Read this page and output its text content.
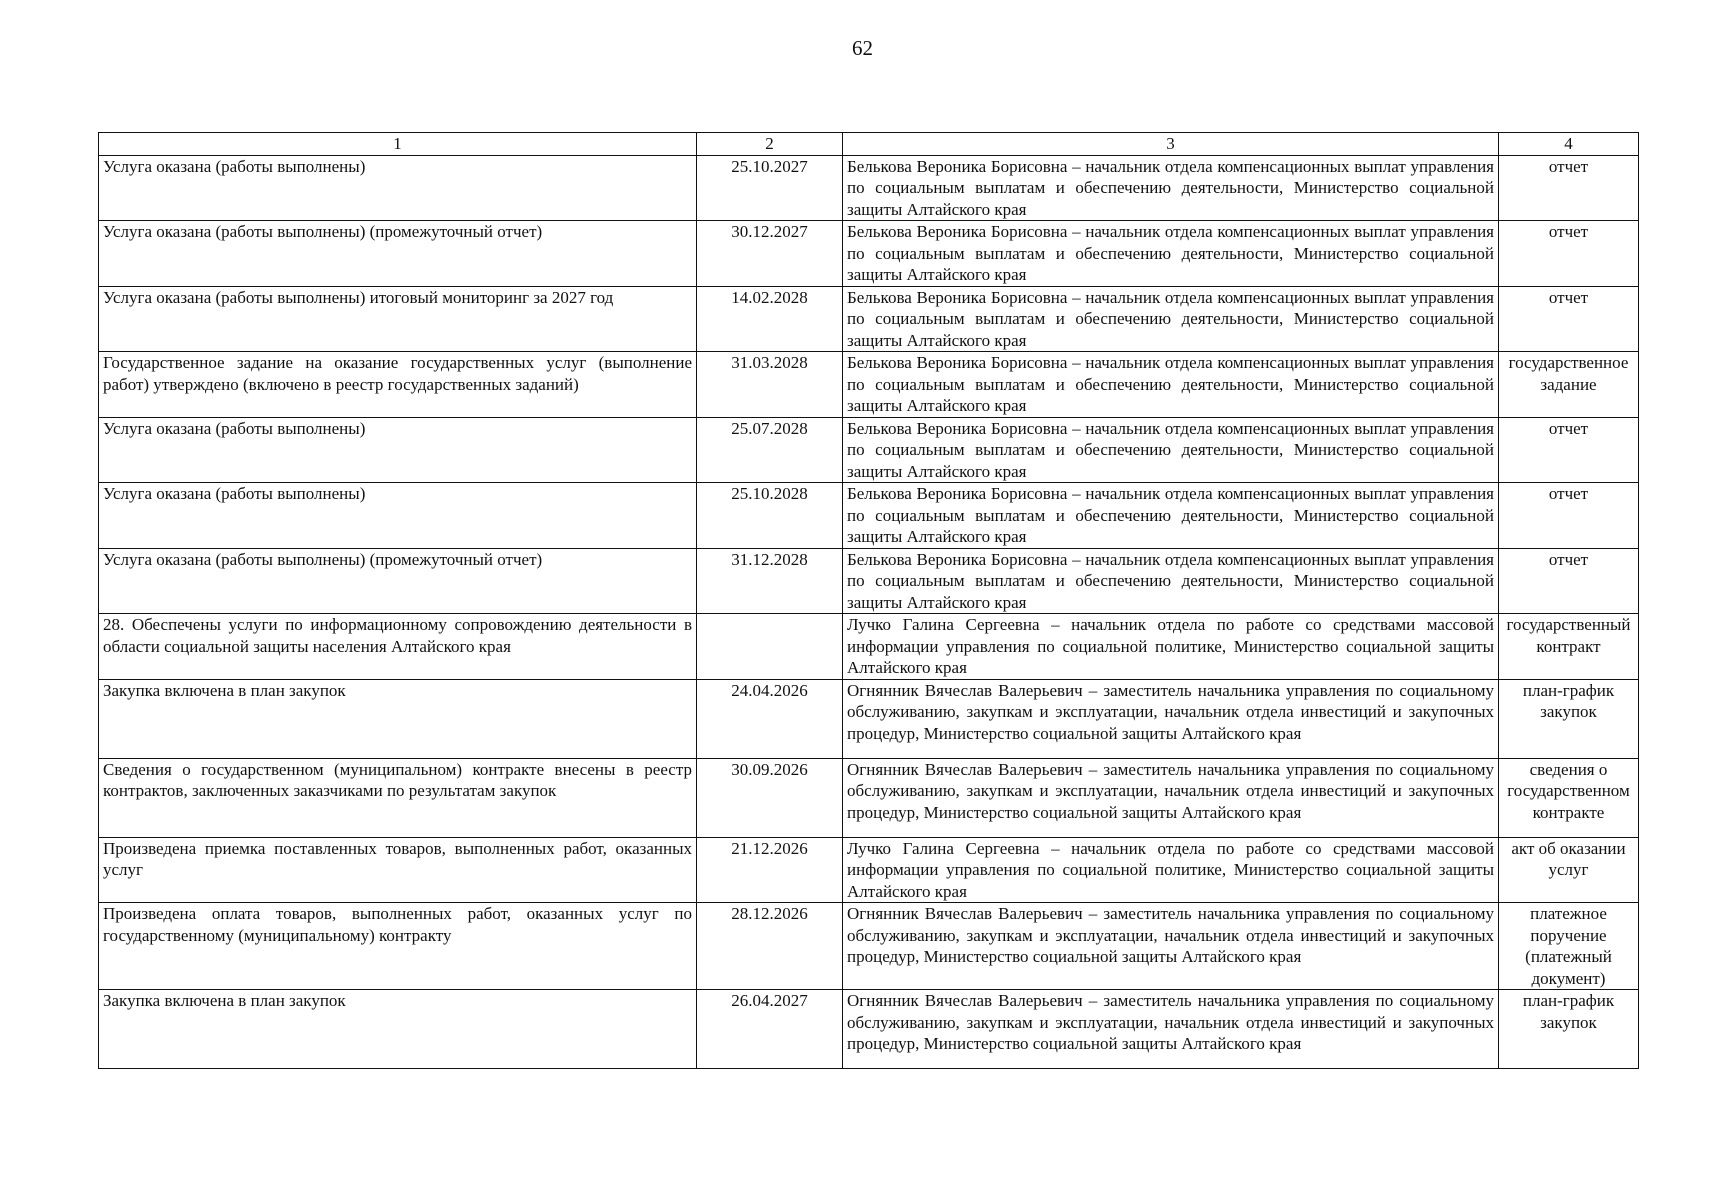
62
1	2	3	4
Услуга оказана (работы выполнены)	25.10.2027	Белькова Вероника Борисовна – начальник отдела компенсационных выплат управления по социальным выплатам и обеспечению деятельности, Министерство социальной защиты Алтайского края	отчет
Услуга оказана (работы выполнены) (промежуточный отчет)	30.12.2027	Белькова Вероника Борисовна – начальник отдела компенсационных выплат управления по социальным выплатам и обеспечению деятельности, Министерство социальной защиты Алтайского края	отчет
Услуга оказана (работы выполнены) итоговый мониторинг за 2027 год	14.02.2028	Белькова Вероника Борисовна – начальник отдела компенсационных выплат управления по социальным выплатам и обеспечению деятельности, Министерство социальной защиты Алтайского края	отчет
Государственное задание на оказание государственных услуг (выполнение работ) утверждено (включено в реестр государственных заданий)	31.03.2028	Белькова Вероника Борисовна – начальник отдела компенсационных выплат управления по социальным выплатам и обеспечению деятельности, Министерство социальной защиты Алтайского края	государственное задание
Услуга оказана (работы выполнены)	25.07.2028	Белькова Вероника Борисовна – начальник отдела компенсационных выплат управления по социальным выплатам и обеспечению деятельности, Министерство социальной защиты Алтайского края	отчет
Услуга оказана (работы выполнены)	25.10.2028	Белькова Вероника Борисовна – начальник отдела компенсационных выплат управления по социальным выплатам и обеспечению деятельности, Министерство социальной защиты Алтайского края	отчет
Услуга оказана (работы выполнены) (промежуточный отчет)	31.12.2028	Белькова Вероника Борисовна – начальник отдела компенсационных выплат управления по социальным выплатам и обеспечению деятельности, Министерство социальной защиты Алтайского края	отчет
28. Обеспечены услуги по информационному сопровождению деятельности в области социальной защиты населения Алтайского края		Лучко Галина Сергеевна – начальник отдела по работе со средствами массовой информации управления по социальной политике, Министерство социальной защиты Алтайского края	государственный контракт
Закупка включена в план закупок	24.04.2026	Огнянник Вячеслав Валерьевич – заместитель начальника управления по социальному обслуживанию, закупкам и эксплуатации, начальник отдела инвестиций и закупочных процедур, Министерство социальной защиты Алтайского края	план-график закупок
Сведения о государственном (муниципальном) контракте внесены в реестр контрактов, заключенных заказчиками по результатам закупок	30.09.2026	Огнянник Вячеслав Валерьевич – заместитель начальника управления по социальному обслуживанию, закупкам и эксплуатации, начальник отдела инвестиций и закупочных процедур, Министерство социальной защиты Алтайского края	сведения о государственном контракте
Произведена приемка поставленных товаров, выполненных работ, оказанных услуг	21.12.2026	Лучко Галина Сергеевна – начальник отдела по работе со средствами массовой информации управления по социальной политике, Министерство социальной защиты Алтайского края	акт об оказании услуг
Произведена оплата товаров, выполненных работ, оказанных услуг по государственному (муниципальному) контракту	28.12.2026	Огнянник Вячеслав Валерьевич – заместитель начальника управления по социальному обслуживанию, закупкам и эксплуатации, начальник отдела инвестиций и закупочных процедур, Министерство социальной защиты Алтайского края	платежное поручение (платежный документ)
Закупка включена в план закупок	26.04.2027	Огнянник Вячеслав Валерьевич – заместитель начальника управления по социальному обслуживанию, закупкам и эксплуатации, начальник отдела инвестиций и закупочных процедур, Министерство социальной защиты Алтайского края	план-график закупок
